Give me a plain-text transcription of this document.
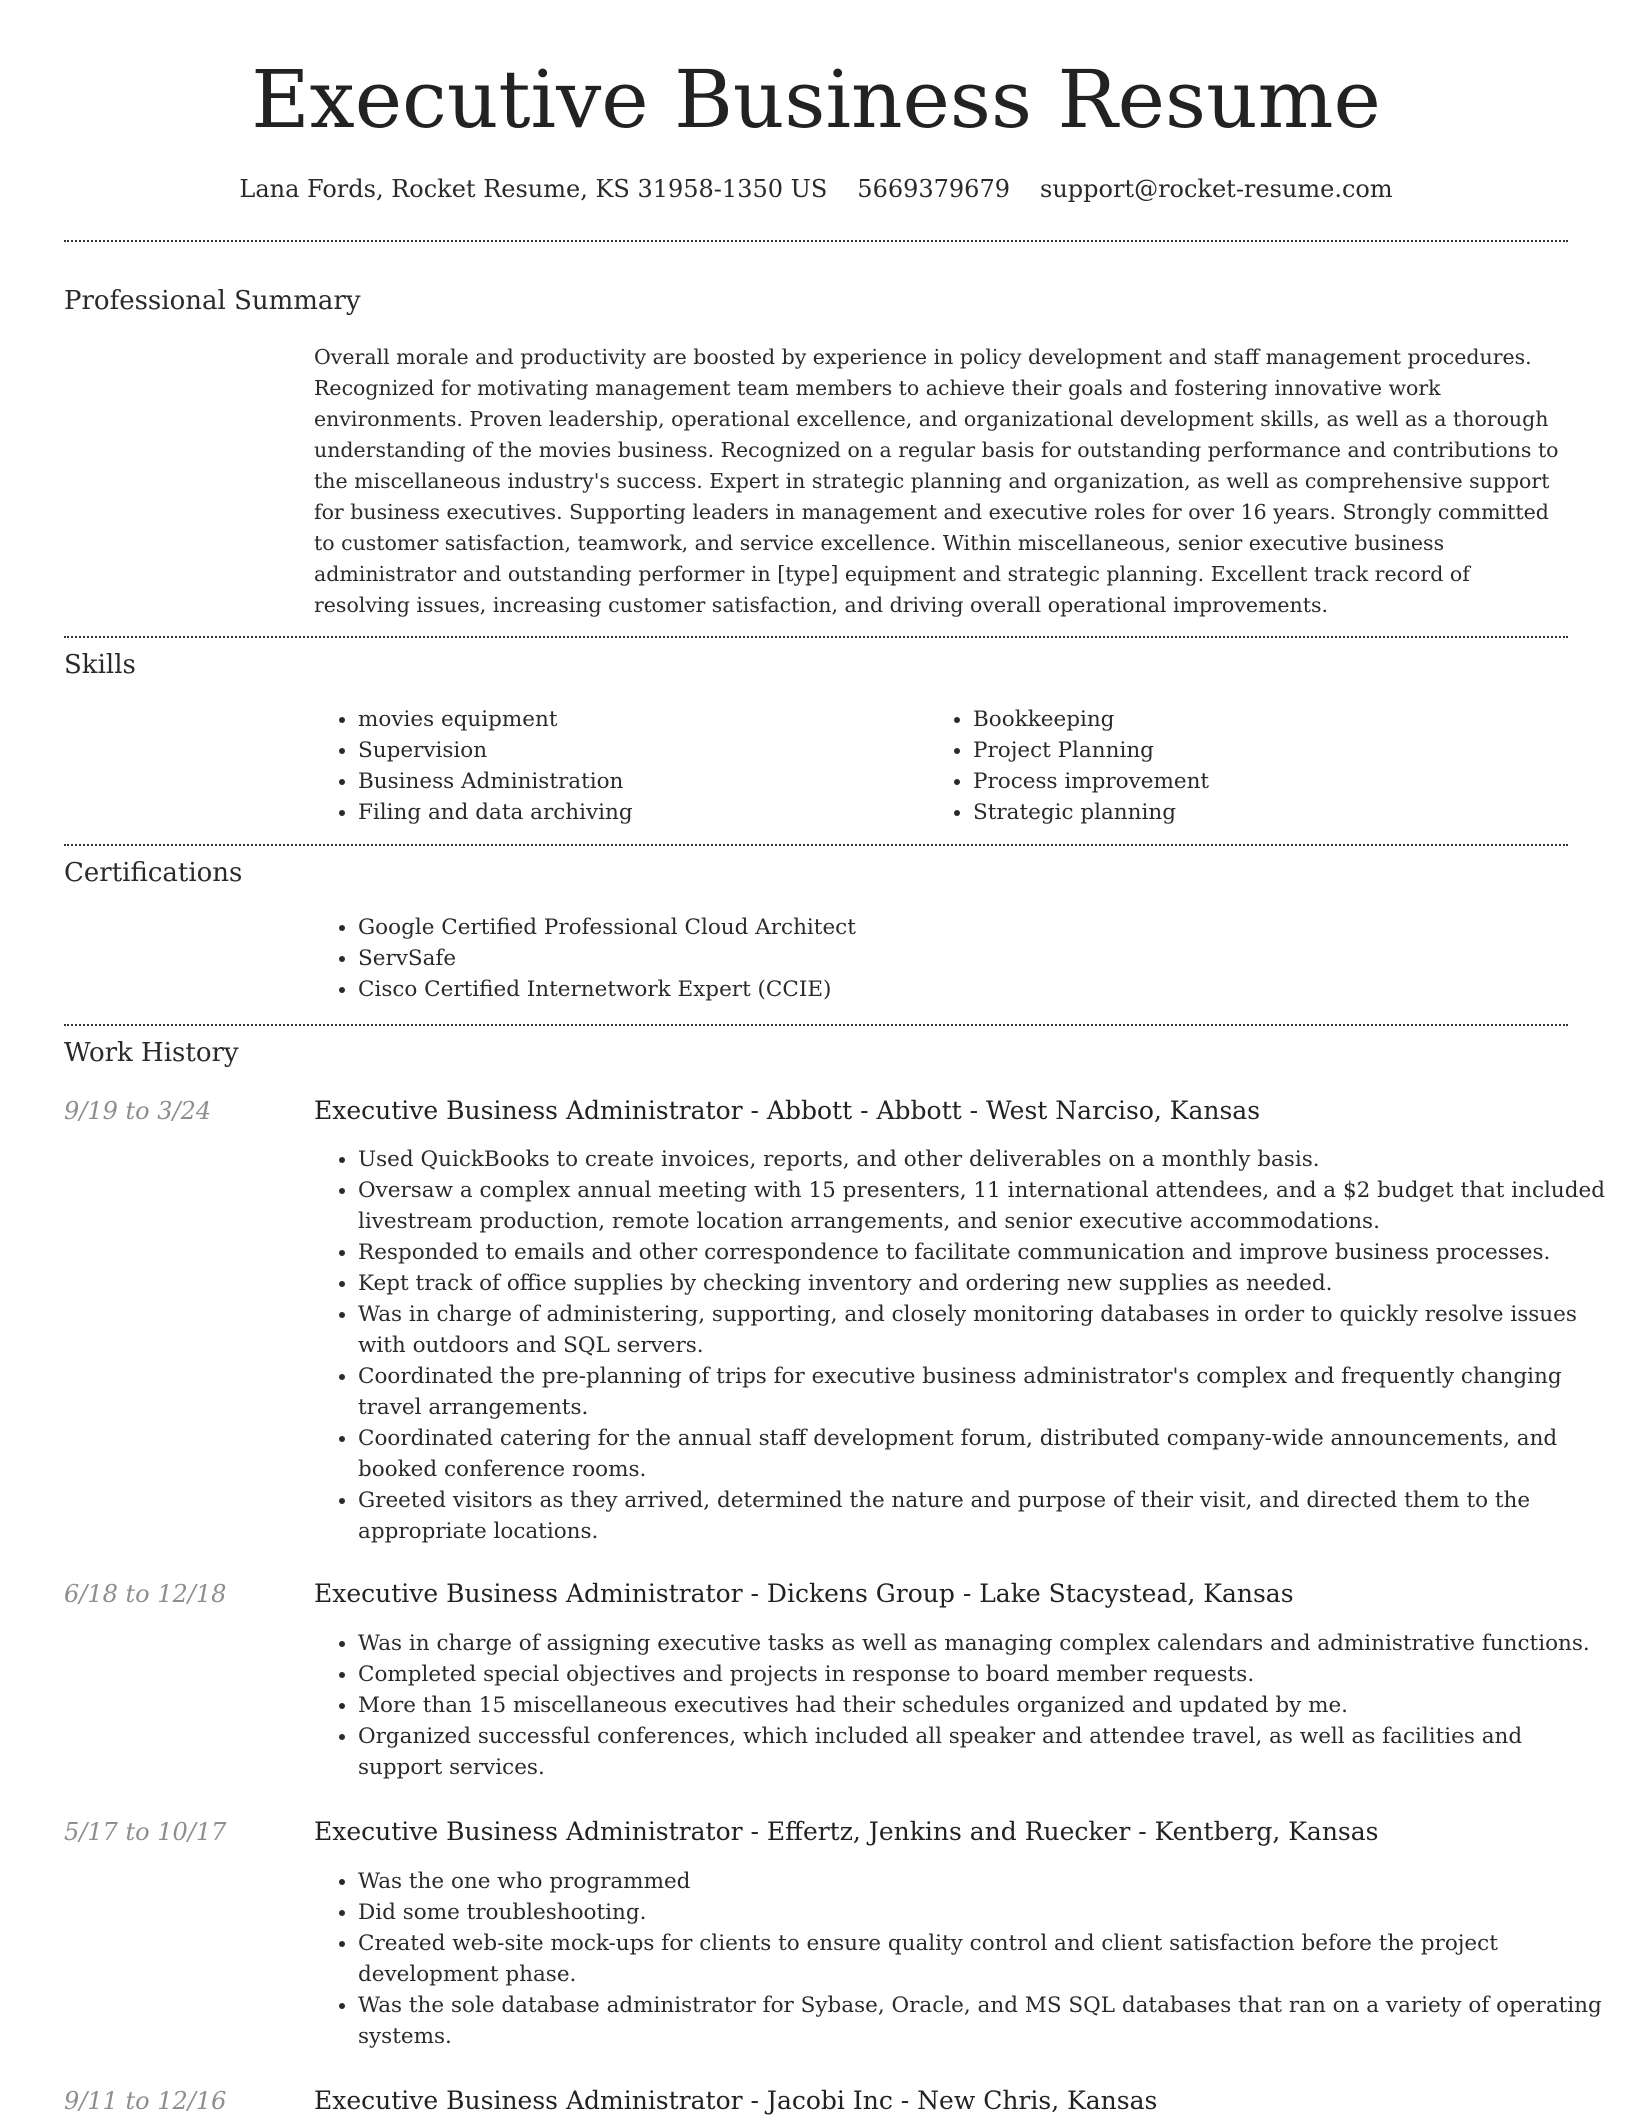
Executive Business Resume
Lana Fords, Rocket Resume, KS 31958-1350 US 5669379679 support@rocket-resume.com
Professional Summary

Overall morale and productivity are boosted by experience in policy development and staff management procedures. Recognized for motivating management team members to achieve their goals and fostering innovative work environments. Proven leadership, operational excellence, and organizational development skills, as well as a thorough understanding of the movies business. Recognized on a regular basis for outstanding performance and contributions to the miscellaneous industry's success. Expert in strategic planning and organization, as well as comprehensive support for business executives. Supporting leaders in management and executive roles for over 16 years. Strongly committed to customer satisfaction, teamwork, and service excellence. Within miscellaneous, senior executive business administrator and outstanding performer in [type] equipment and strategic planning. Excellent track record of resolving issues, increasing customer satisfaction, and driving overall operational improvements.

Skills
• movies equipment
• Supervision
• Business Administration
• Filing and data archiving
• Bookkeeping
• Project Planning
• Process improvement
• Strategic planning
Certifications
• Google Certified Professional Cloud Architect
• ServSafe
• Cisco Certified Internetwork Expert (CCIE)
Work History
9/19 to 3/24	Executive Business Administrator - Abbott - Abbott - West Narciso, Kansas
• Used QuickBooks to create invoices, reports, and other deliverables on a monthly basis.
• Oversaw a complex annual meeting with 15 presenters, 11 international attendees, and a $2 budget that included livestream production, remote location arrangements, and senior executive accommodations.
• Responded to emails and other correspondence to facilitate communication and improve business processes.
• Kept track of office supplies by checking inventory and ordering new supplies as needed.
• Was in charge of administering, supporting, and closely monitoring databases in order to quickly resolve issues with outdoors and SQL servers.
• Coordinated the pre-planning of trips for executive business administrator's complex and frequently changing travel arrangements.
• Coordinated catering for the annual staff development forum, distributed company-wide announcements, and booked conference rooms.
• Greeted visitors as they arrived, determined the nature and purpose of their visit, and directed them to the appropriate locations.
6/18 to 12/18	Executive Business Administrator - Dickens Group - Lake Stacystead, Kansas
• Was in charge of assigning executive tasks as well as managing complex calendars and administrative functions.
• Completed special objectives and projects in response to board member requests.
• More than 15 miscellaneous executives had their schedules organized and updated by me.
• Organized successful conferences, which included all speaker and attendee travel, as well as facilities and support services.
5/17 to 10/17	Executive Business Administrator - Effertz, Jenkins and Ruecker - Kentberg, Kansas
• Was the one who programmed
• Did some troubleshooting.
• Created web-site mock-ups for clients to ensure quality control and client satisfaction before the project development phase.
• Was the sole database administrator for Sybase, Oracle, and MS SQL databases that ran on a variety of operating systems.
9/11 to 12/16	Executive Business Administrator - Jacobi Inc - New Chris, Kansas
